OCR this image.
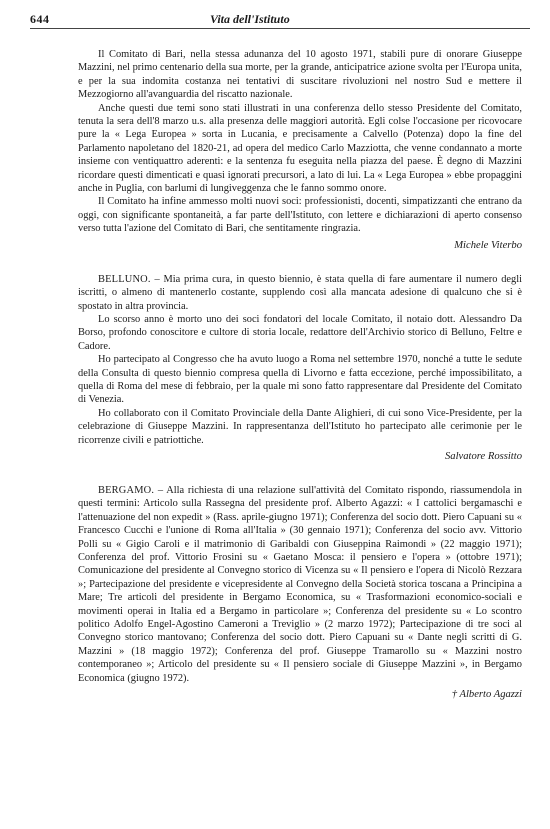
644	Vita dell'Istituto

Il Comitato di Bari, nella stessa adunanza del 10 agosto 1971, stabili pure di onorare Giuseppe Mazzini, nel primo centenario della sua morte, per la grande, anticipatrice azione svolta per l'Europa unita, e per la sua indomita costanza nei tentativi di suscitare rivoluzioni nel nostro Sud e mettere il Mezzogiorno all'avanguardia del riscatto nazionale.

Anche questi due temi sono stati illustrati in una conferenza dello stesso Presidente del Comitato, tenuta la sera dell'8 marzo u.s. alla presenza delle maggiori autorità. Egli colse l'occasione per ricovocare pure la « Lega Europea » sorta in Lucania, e precisamente a Calvello (Potenza) dopo la fine del Parlamento napoletano del 1820-21, ad opera del medico Carlo Mazziotta, che venne condannato a morte insieme con ventiquattro aderenti: e la sentenza fu eseguita nella piazza del paese. È degno di Mazzini ricordare questi dimenticati e quasi ignorati precursori, a lato di lui. La « Lega Europea » ebbe propaggini anche in Puglia, con barlumi di lungiveggenza che le fanno sommo onore.

Il Comitato ha infine ammesso molti nuovi soci: professionisti, docenti, simpatizzanti che entrano da oggi, con significante spontaneità, a far parte dell'Istituto, con lettere e dichiarazioni di aperto consenso verso tutta l'azione del Comitato di Bari, che sentitamente ringrazia.

Michele Viterbo

BELLUNO. – Mia prima cura, in questo biennio, è stata quella di fare aumentare il numero degli iscritti, o almeno di mantenerlo costante, supplendo così alla mancata adesione di qualcuno che si è spostato in altra provincia.

Lo scorso anno è morto uno dei soci fondatori del locale Comitato, il notaio dott. Alessandro Da Borso, profondo conoscitore e cultore di storia locale, redattore dell'Archivio storico di Belluno, Feltre e Cadore.

Ho partecipato al Congresso che ha avuto luogo a Roma nel settembre 1970, nonché a tutte le sedute della Consulta di questo biennio compresa quella di Livorno e fatta eccezione, perché impossibilitato, a quella di Roma del mese di febbraio, per la quale mi sono fatto rappresentare dal Presidente del Comitato di Venezia.

Ho collaborato con il Comitato Provinciale della Dante Alighieri, di cui sono Vice-Presidente, per la celebrazione di Giuseppe Mazzini. In rappresentanza dell'Istituto ho partecipato alle cerimonie per le ricorrenze civili e patriottiche.

Salvatore Rossitto

BERGAMO. – Alla richiesta di una relazione sull'attività del Comitato rispondo, riassumendola in questi termini: Articolo sulla Rassegna del presidente prof. Alberto Agazzi: « I cattolici bergamaschi e l'attenuazione del non expedit » (Rass. aprile-giugno 1971); Conferenza del socio dott. Piero Capuani su « Francesco Cucchi e l'unione di Roma all'Italia » (30 gennaio 1971); Conferenza del socio avv. Vittorio Polli su « Gigio Caroli e il matrimonio di Garibaldi con Giuseppina Raimondi » (22 maggio 1971); Conferenza del prof. Vittorio Frosini su « Gaetano Mosca: il pensiero e l'opera » (ottobre 1971); Comunicazione del presidente al Convegno storico di Vicenza su « Il pensiero e l'opera di Nicolò Rezzara »; Partecipazione del presidente e vicepresidente al Convegno della Società storica toscana a Principina a Mare; Tre articoli del presidente in Bergamo Economica, su « Trasformazioni economico-sociali e movimenti operai in Italia ed a Bergamo in particolare »; Conferenza del presidente su « Lo scontro politico Adolfo Engel-Agostino Cameroni a Treviglio » (2 marzo 1972); Partecipazione di tre soci al Convegno storico mantovano; Conferenza del socio dott. Piero Capuani su « Dante negli scritti di G. Mazzini » (18 maggio 1972); Conferenza del prof. Giuseppe Tramarollo su « Mazzini nostro contemporaneo »; Articolo del presidente su « Il pensiero sociale di Giuseppe Mazzini », in Bergamo Economica (giugno 1972).

† Alberto Agazzi
